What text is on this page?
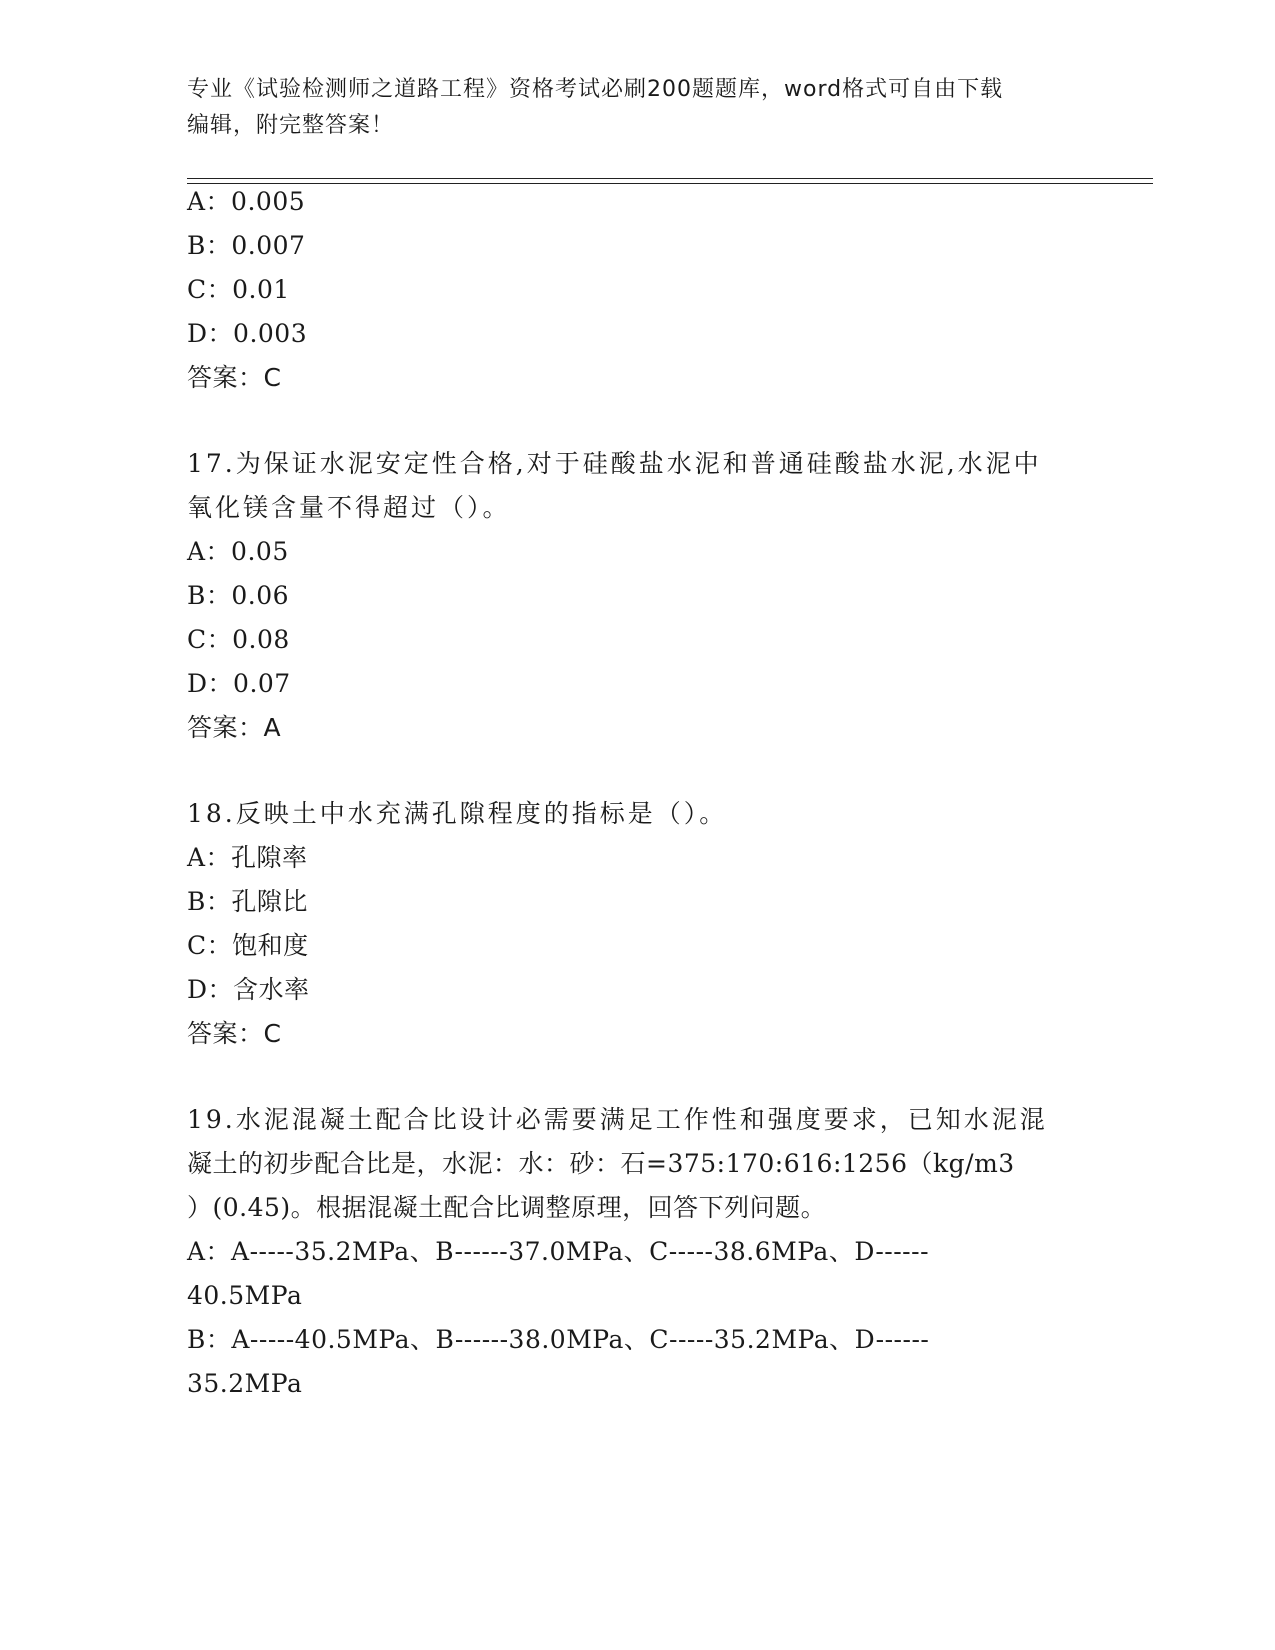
专业《试验检测师之道路工程》资格考试必刷200题题库，word格式可自由下载
编辑，附完整答案！
A：0.005
B：0.007
C：0.01
D：0.003
答案：C
17.为保证水泥安定性合格,对于硅酸盐水泥和普通硅酸盐水泥,水泥中
氧化镁含量不得超过（）。
A：0.05
B：0.06
C：0.08
D：0.07
答案：A
18.反映土中水充满孔隙程度的指标是（）。
A：孔隙率
B：孔隙比
C：饱和度
D：含水率
答案：C
19.水泥混凝土配合比设计必需要满足工作性和强度要求，已知水泥混
凝土的初步配合比是，水泥：水：砂：石=375:170:616:1256（kg/m3
）(0.45)。根据混凝土配合比调整原理，回答下列问题。
A：A-----35.2MPa、B------37.0MPa、C-----38.6MPa、D------
40.5MPa
B：A-----40.5MPa、B------38.0MPa、C-----35.2MPa、D------
35.2MPa
